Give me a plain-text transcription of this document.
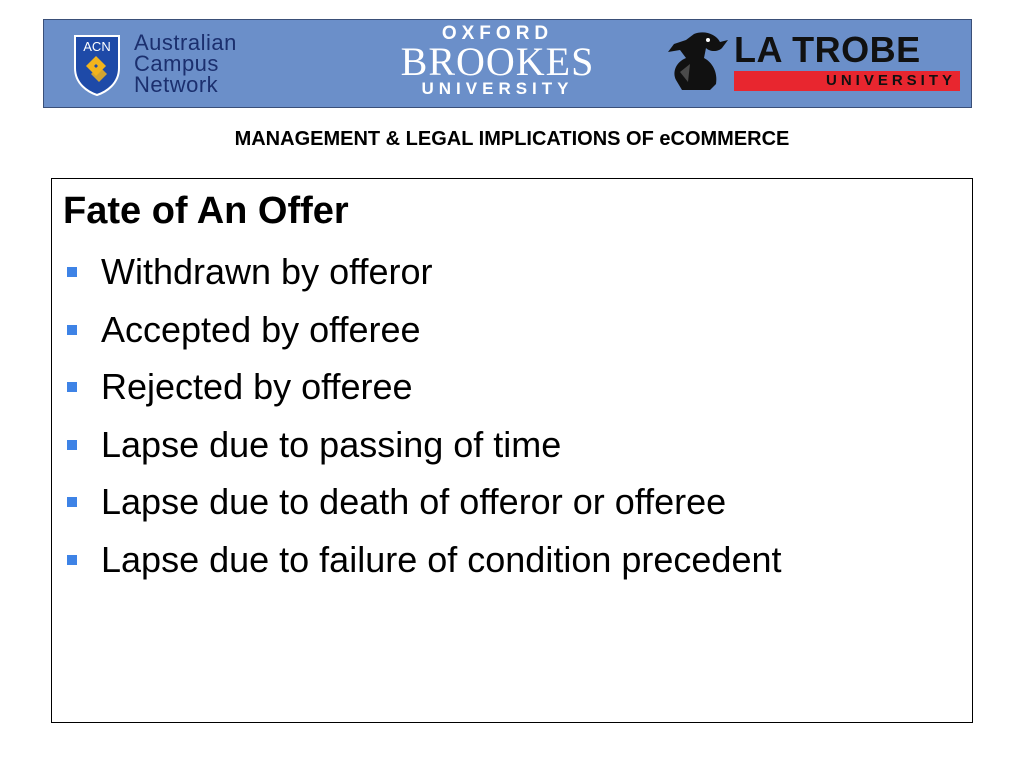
ACN Australian
Campus
Network
OXFORD
BROOKES
UNIVERSITY
LA TROBE
UNIVERSITY
MANAGEMENT & LEGAL IMPLICATIONS OF eCOMMERCE
Fate of An Offer
Withdrawn by offeror
Accepted by offeree
Rejected by offeree
Lapse due to passing of time
Lapse due to death of offeror or offeree
Lapse due to failure of condition precedent
